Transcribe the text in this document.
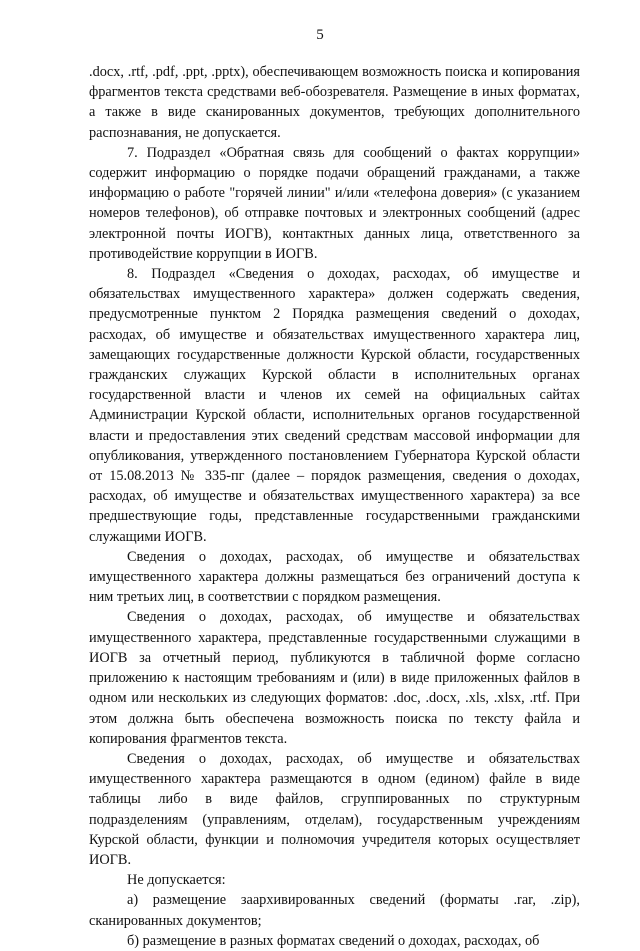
5

.docx, .rtf, .pdf, .ppt, .pptx), обеспечивающем возможность поиска и копирования фрагментов текста средствами веб-обозревателя. Размещение в иных форматах, а также в виде сканированных документов, требующих дополнительного распознавания, не допускается.

7. Подраздел «Обратная связь для сообщений о фактах коррупции» содержит информацию о порядке подачи обращений гражданами, а также информацию о работе "горячей линии" и/или «телефона доверия» (с указанием номеров телефонов), об отправке почтовых и электронных сообщений (адрес электронной почты ИОГВ), контактных данных лица, ответственного за противодействие коррупции в ИОГВ.

8. Подраздел «Сведения о доходах, расходах, об имуществе и обязательствах имущественного характера» должен содержать сведения, предусмотренные пунктом 2 Порядка размещения сведений о доходах, расходах, об имуществе и обязательствах имущественного характера лиц, замещающих государственные должности Курской области, государственных гражданских служащих Курской области в исполнительных органах государственной власти и членов их семей на официальных сайтах Администрации Курской области, исполнительных органов государственной власти и предоставления этих сведений средствам массовой информации для опубликования, утвержденного постановлением Губернатора Курской области от 15.08.2013 № 335-пг (далее – порядок размещения, сведения о доходах, расходах, об имуществе и обязательствах имущественного характера) за все предшествующие годы, представленные государственными гражданскими служащими ИОГВ.

Сведения о доходах, расходах, об имуществе и обязательствах имущественного характера должны размещаться без ограничений доступа к ним третьих лиц, в соответствии с порядком размещения.

Сведения о доходах, расходах, об имуществе и обязательствах имущественного характера, представленные государственными служащими в ИОГВ за отчетный период, публикуются в табличной форме согласно приложению к настоящим требованиям и (или) в виде приложенных файлов в одном или нескольких из следующих форматов: .doc, .docx, .xls, .xlsx, .rtf. При этом должна быть обеспечена возможность поиска по тексту файла и копирования фрагментов текста.

Сведения о доходах, расходах, об имуществе и обязательствах имущественного характера размещаются в одном (едином) файле в виде таблицы либо в виде файлов, сгруппированных по структурным подразделениям (управлениям, отделам), государственным учреждениям Курской области, функции и полномочия учредителя которых осуществляет ИОГВ.

Не допускается:

а) размещение заархивированных сведений (форматы .rar, .zip), сканированных документов;

б) размещение в разных форматах сведений о доходах, расходах, об
